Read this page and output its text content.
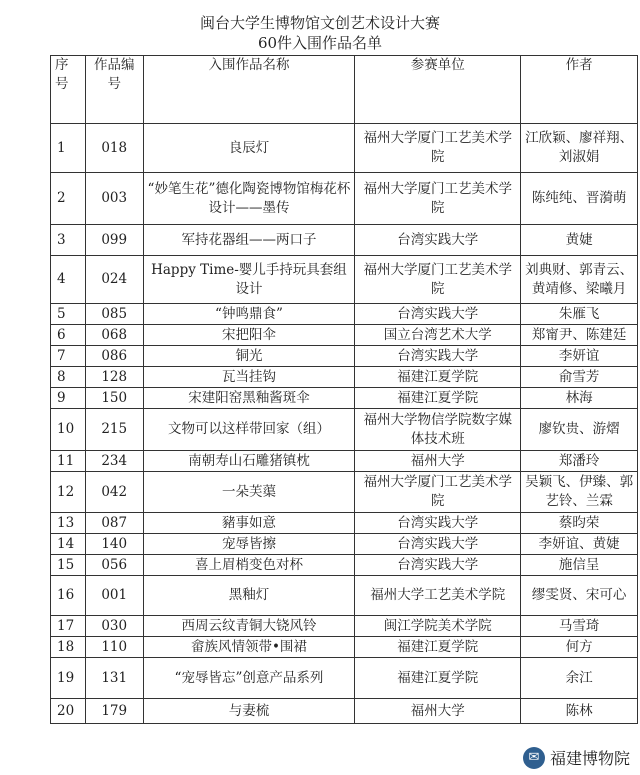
闽台大学生博物馆文创艺术设计大赛
60件入围作品名单
序号	作品编号	入围作品名称	参赛单位	作者
1	018	良辰灯	福州大学厦门工艺美术学院	江欣颖、廖祥翔、刘淑娟
2	003	“妙笔生花”德化陶瓷博物馆梅花杯设计——墨传	福州大学厦门工艺美术学院	陈纯纯、晋漪萌
3	099	军持花器组——两口子	台湾实践大学	黄婕
4	024	Happy Time-婴儿手持玩具套组设计	福州大学厦门工艺美术学院	刘典财、郭青云、黄靖修、梁曦月
5	085	“钟鸣鼎食”	台湾实践大学	朱雁飞
6	068	宋把阳伞	国立台湾艺术大学	郑甯尹、陈建廷
7	086	铜光	台湾实践大学	李妍谊
8	128	瓦当挂钩	福建江夏学院	俞雪芳
9	150	宋建阳窑黑釉酱斑伞	福建江夏学院	林海
10	215	文物可以这样带回家（组）	福州大学物信学院数字媒体技术班	廖钦贵、游熠
11	234	南朝寿山石雕猪镇枕	福州大学	郑潘玲
12	042	一朵芙蕖	福州大学厦门工艺美术学院	吴颖飞、伊臻、郭艺铃、兰霖
13	087	豬事如意	台湾实践大学	蔡昀荣
14	140	宠辱皆擦	台湾实践大学	李妍谊、黄婕
15	056	喜上眉梢变色对杯	台湾实践大学	施信呈
16	001	黑釉灯	福州大学工艺美术学院	缪雯贤、宋可心
17	030	西周云纹青铜大铙风铃	闽江学院美术学院	马雪琦
18	110	畲族风情领带•围裙	福建江夏学院	何方
19	131	“宠辱皆忘”创意产品系列	福建江夏学院	余江
20	179	与妻梳	福州大学	陈林
✉ 福建博物院
